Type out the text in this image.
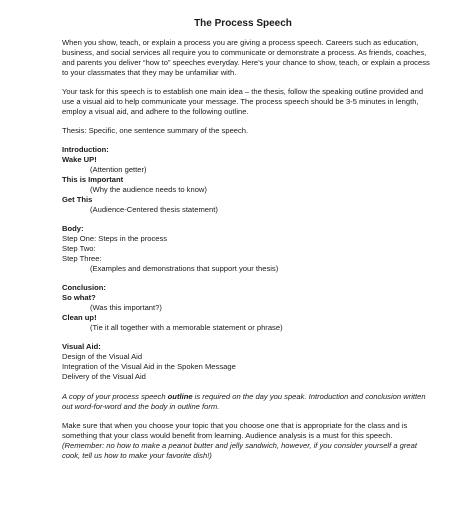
The Process Speech

When you show, teach, or explain a process you are giving a process speech. Careers such as education, business, and social services all require you to communicate or demonstrate a process. As friends, coaches, and parents you deliver “how to” speeches everyday. Here’s your chance to show, teach, or explain a process to your classmates that they may be unfamiliar with.

Your task for this speech is to establish one main idea – the thesis, follow the speaking outline provided and use a visual aid to help communicate your message. The process speech should be 3-5 minutes in length, employ a visual aid, and adhere to the following outline.

Thesis: Specific, one sentence summary of the speech.

Introduction:
Wake UP!
(Attention getter)
This is Important
(Why the audience needs to know)
Get This
(Audience-Centered thesis statement)
Body:
Step One: Steps in the process
Step Two:
Step Three:
(Examples and demonstrations that support your thesis)
Conclusion:
So what?
(Was this important?)
Clean up!
(Tie it all together with a memorable statement or phrase)
Visual Aid:
Design of the Visual Aid
Integration of the Visual Aid in the Spoken Message
Delivery of the Visual Aid

A copy of your process speech outline is required on the day you speak. Introduction and conclusion written out word-for-word and the body in outline form.

Make sure that when you choose your topic that you choose one that is appropriate for the class and is something that your class would benefit from learning. Audience analysis is a must for this speech. (Remember: no how to make a peanut butter and jelly sandwich, however, if you consider yourself a great cook, tell us how to make your favorite dish!)
